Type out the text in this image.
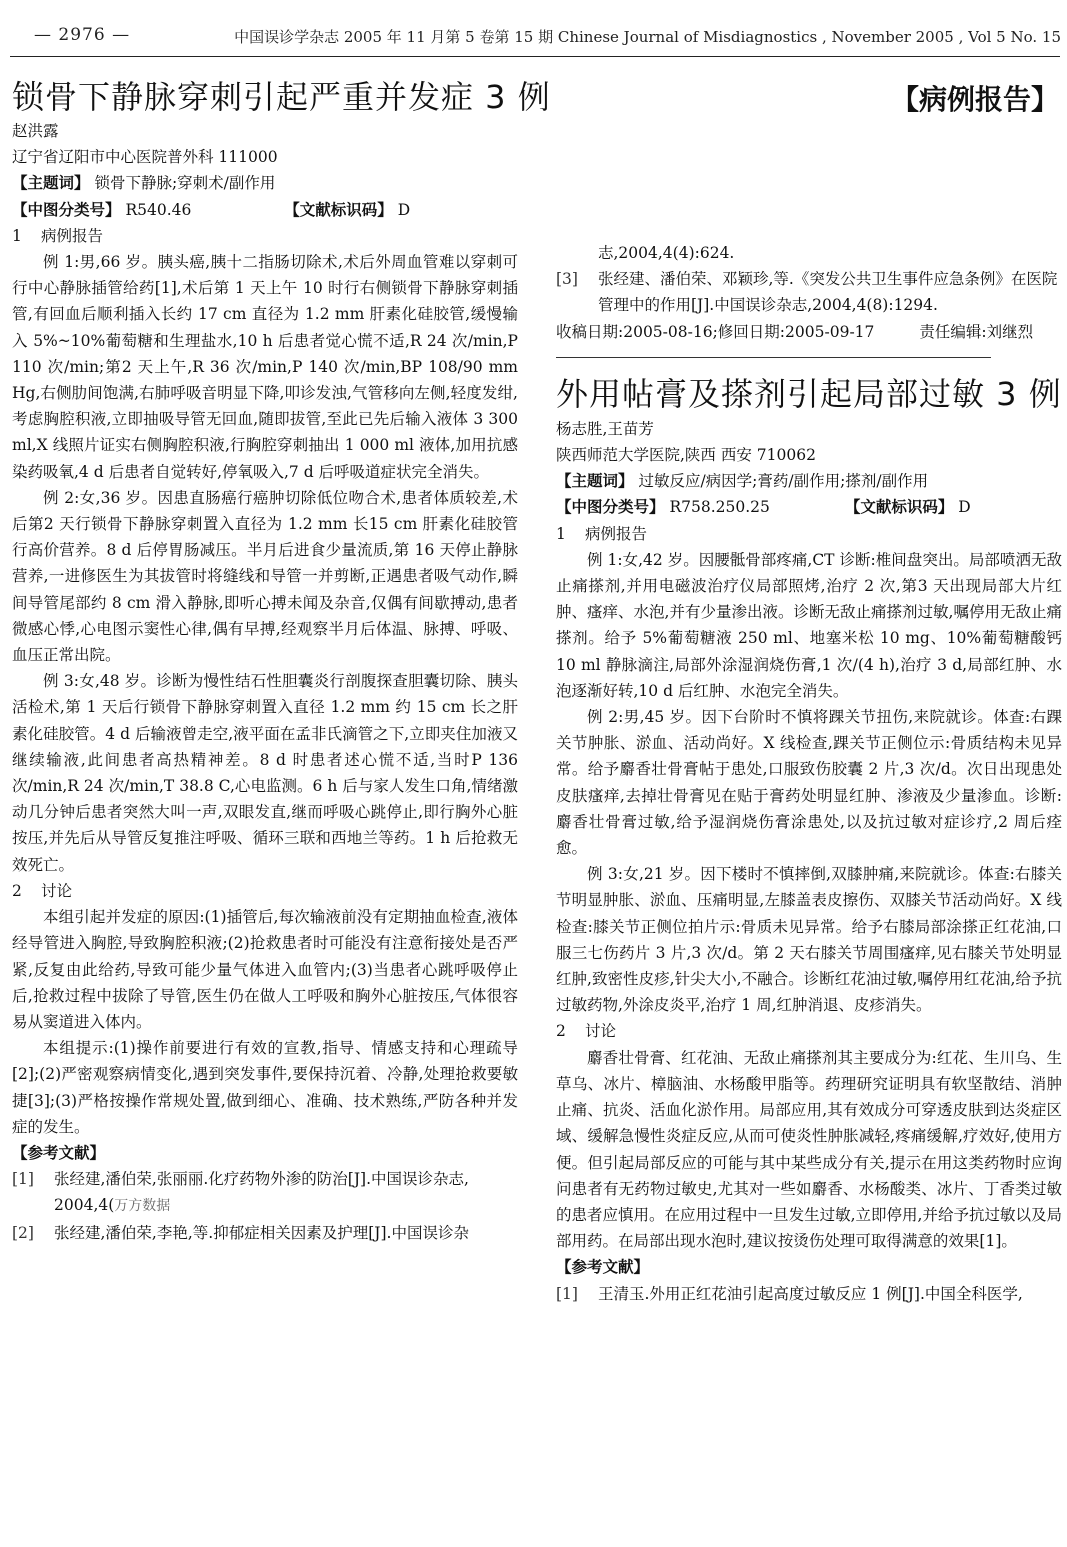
— 2976 —	中国误诊学杂志 2005 年 11 月第 5 卷第 15 期 Chinese Journal of Misdiagnostics , November 2005 , Vol 5 No. 15
锁骨下静脉穿刺引起严重并发症 3 例	【病例报告】

赵洪露

辽宁省辽阳市中心医院普外科 111000

【主题词】 锁骨下静脉;穿刺术/副作用

【中图分类号】 R540.46	【文献标识码】 D

1 病例报告

例 1:男,66 岁。胰头癌,胰十二指肠切除术,术后外周血管难以穿刺可行中心静脉插管给药[1],术后第 1 天上午 10 时行右侧锁骨下静脉穿刺插管,有回血后顺利插入长约 17 cm 直径为 1.2 mm 肝素化硅胶管,缓慢输入 5%~10%葡萄糖和生理盐水,10 h 后患者觉心慌不适,R 24 次/min,P 110 次/min;第2 天上午,R 36 次/min,P 140 次/min,BP 108/90 mm Hg,右侧肋间饱满,右肺呼吸音明显下降,叩诊发浊,气管移向左侧,轻度发绀,考虑胸腔积液,立即抽吸导管无回血,随即拔管,至此已先后输入液体 3 300 ml,X 线照片证实右侧胸腔积液,行胸腔穿刺抽出 1 000 ml 液体,加用抗感染药吸氧,4 d 后患者自觉转好,停氧吸入,7 d 后呼吸道症状完全消失。

例 2:女,36 岁。因患直肠癌行癌肿切除低位吻合术,患者体质较差,术后第2 天行锁骨下静脉穿刺置入直径为 1.2 mm 长15 cm 肝素化硅胶管行高价营养。8 d 后停胃肠减压。半月后进食少量流质,第 16 天停止静脉营养,一进修医生为其拔管时将缝线和导管一并剪断,正遇患者吸气动作,瞬间导管尾部约 8 cm 滑入静脉,即听心搏未闻及杂音,仅偶有间歇搏动,患者微感心悸,心电图示窦性心律,偶有早搏,经观察半月后体温、脉搏、呼吸、血压正常出院。

例 3:女,48 岁。诊断为慢性结石性胆囊炎行剖腹探查胆囊切除、胰头活检术,第 1 天后行锁骨下静脉穿刺置入直径 1.2 mm 约 15 cm 长之肝素化硅胶管。4 d 后输液曾走空,液平面在孟非氏滴管之下,立即夹住加液又继续输液,此间患者高热精神差。8 d 时患者述心慌不适,当时P 136 次/min,R 24 次/min,T 38.8 C,心电监测。6 h 后与家人发生口角,情绪激动几分钟后患者突然大叫一声,双眼发直,继而呼吸心跳停止,即行胸外心脏按压,并先后从导管反复推注呼吸、循环三联和西地兰等药。1 h 后抢救无效死亡。

2 讨论

本组引起并发症的原因:(1)插管后,每次输液前没有定期抽血检查,液体经导管进入胸腔,导致胸腔积液;(2)抢救患者时可能没有注意衔接处是否严紧,反复由此给药,导致可能少量气体进入血管内;(3)当患者心跳呼吸停止后,抢救过程中拔除了导管,医生仍在做人工呼吸和胸外心脏按压,气体很容易从窦道进入体内。

本组提示:(1)操作前要进行有效的宣教,指导、情感支持和心理疏导[2];(2)严密观察病情变化,遇到突发事件,要保持沉着、冷静,处理抢救要敏捷[3];(3)严格按操作常规处置,做到细心、准确、技术熟练,严防各种并发症的发生。

【参考文献】

[1]	张经建,潘伯荣,张丽丽.化疗药物外渗的防治[J].中国误诊杂志,

2004,4(万方数据

[2]	张经建,潘伯荣,李艳,等.抑郁症相关因素及护理[J].中国误诊杂

志,2004,4(4):624.

[3]	张经建、潘伯荣、邓颖珍,等.《突发公共卫生事件应急条例》在医院管理中的作用[J].中国误诊杂志,2004,4(8):1294.

收稿日期:2005-08-16;修回日期:2005-09-17	责任编辑:刘继烈

外用帖膏及搽剂引起局部过敏 3 例

杨志胜,王苗芳

陕西师范大学医院,陕西 西安 710062

【主题词】 过敏反应/病因学;膏药/副作用;搽剂/副作用

【中图分类号】 R758.250.25	【文献标识码】 D

1 病例报告

例 1:女,42 岁。因腰骶骨部疼痛,CT 诊断:椎间盘突出。局部喷洒无敌止痛搽剂,并用电磁波治疗仪局部照烤,治疗 2 次,第3 天出现局部大片红肿、瘙痒、水泡,并有少量渗出液。诊断无敌止痛搽剂过敏,嘱停用无敌止痛搽剂。给予 5%葡萄糖液 250 ml、地塞米松 10 mg、10%葡萄糖酸钙 10 ml 静脉滴注,局部外涂湿润烧伤膏,1 次/(4 h),治疗 3 d,局部红肿、水泡逐渐好转,10 d 后红肿、水泡完全消失。

例 2:男,45 岁。因下台阶时不慎将踝关节扭伤,来院就诊。体查:右踝关节肿胀、淤血、活动尚好。X 线检查,踝关节正侧位示:骨质结构未见异常。给予麝香壮骨膏帖于患处,口服致伤胶囊 2 片,3 次/d。次日出现患处皮肤瘙痒,去掉壮骨膏见在贴于膏药处明显红肿、渗液及少量渗血。诊断:麝香壮骨膏过敏,给予湿润烧伤膏涂患处,以及抗过敏对症诊疗,2 周后痊愈。

例 3:女,21 岁。因下楼时不慎摔倒,双膝肿痛,来院就诊。体查:右膝关节明显肿胀、淤血、压痛明显,左膝盖表皮擦伤、双膝关节活动尚好。X 线检查:膝关节正侧位拍片示:骨质未见异常。给予右膝局部涂搽正红花油,口服三七伤药片 3 片,3 次/d。第 2 天右膝关节周围瘙痒,见右膝关节处明显红肿,致密性皮疹,针尖大小,不融合。诊断红花油过敏,嘱停用红花油,给予抗过敏药物,外涂皮炎平,治疗 1 周,红肿消退、皮疹消失。

2 讨论

麝香壮骨膏、红花油、无敌止痛搽剂其主要成分为:红花、生川乌、生草乌、冰片、樟脑油、水杨酸甲脂等。药理研究证明具有软坚散结、消肿止痛、抗炎、活血化淤作用。局部应用,其有效成分可穿透皮肤到达炎症区域、缓解急慢性炎症反应,从而可使炎性肿胀减轻,疼痛缓解,疗效好,使用方便。但引起局部反应的可能与其中某些成分有关,提示在用这类药物时应询问患者有无药物过敏史,尤其对一些如麝香、水杨酸类、冰片、丁香类过敏的患者应慎用。在应用过程中一旦发生过敏,立即停用,并给予抗过敏以及局部用药。在局部出现水泡时,建议按烫伤处理可取得满意的效果[1]。

【参考文献】

[1]	王清玉.外用正红花油引起高度过敏反应 1 例[J].中国全科医学,
